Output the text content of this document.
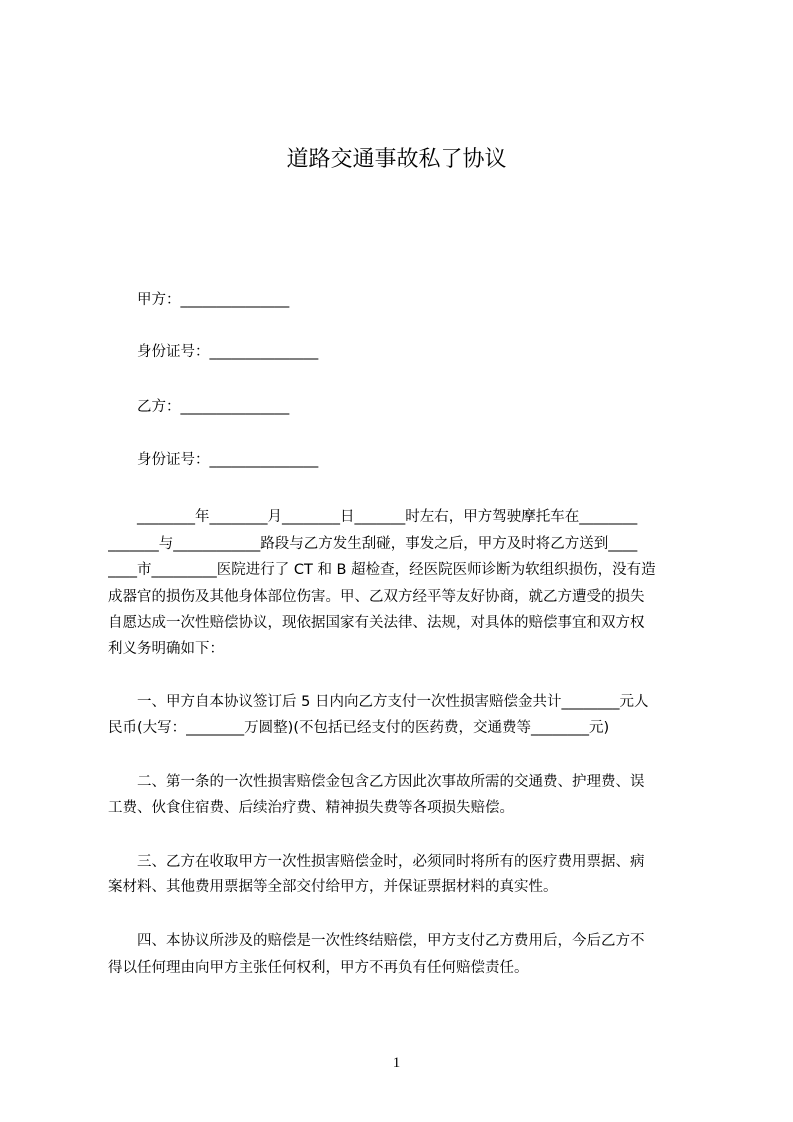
道路交通事故私了协议
甲方：_______________
身份证号：_______________
乙方：_______________
身份证号：_______________
________年________月________日_______时左右，甲方驾驶摩托车在________
_______与____________路段与乙方发生刮碰，事发之后，甲方及时将乙方送到____
____市_________医院进行了 CT 和 B 超检查，经医院医师诊断为软组织损伤，没有造
成器官的损伤及其他身体部位伤害。甲、乙双方经平等友好协商，就乙方遭受的损失
自愿达成一次性赔偿协议，现依据国家有关法律、法规，对具体的赔偿事宜和双方权
利义务明确如下：
一、甲方自本协议签订后 5 日内向乙方支付一次性损害赔偿金共计________元人
民币(大写：________万圆整)(不包括已经支付的医药费，交通费等________元)
二、第一条的一次性损害赔偿金包含乙方因此次事故所需的交通费、护理费、误
工费、伙食住宿费、后续治疗费、精神损失费等各项损失赔偿。
三、乙方在收取甲方一次性损害赔偿金时，必须同时将所有的医疗费用票据、病
案材料、其他费用票据等全部交付给甲方，并保证票据材料的真实性。
四、本协议所涉及的赔偿是一次性终结赔偿，甲方支付乙方费用后，今后乙方不
得以任何理由向甲方主张任何权利，甲方不再负有任何赔偿责任。
1
